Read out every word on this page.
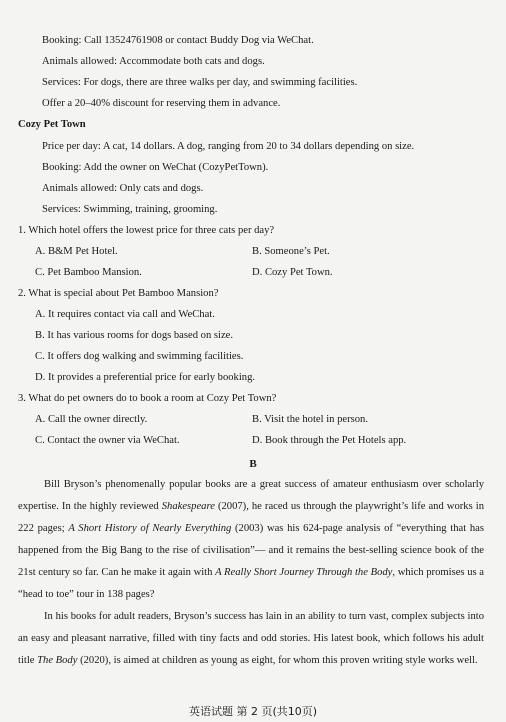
Booking: Call 13524761908 or contact Buddy Dog via WeChat.
Animals allowed: Accommodate both cats and dogs.
Services: For dogs, there are three walks per day, and swimming facilities.
Offer a 20–40% discount for reserving them in advance.
Cozy Pet Town
Price per day: A cat, 14 dollars. A dog, ranging from 20 to 34 dollars depending on size.
Booking: Add the owner on WeChat (CozyPetTown).
Animals allowed: Only cats and dogs.
Services: Swimming, training, grooming.
1. Which hotel offers the lowest price for three cats per day?
A. B&M Pet Hotel.	B. Someone’s Pet.
C. Pet Bamboo Mansion.	D. Cozy Pet Town.
2. What is special about Pet Bamboo Mansion?
A. It requires contact via call and WeChat.
B. It has various rooms for dogs based on size.
C. It offers dog walking and swimming facilities.
D. It provides a preferential price for early booking.
3. What do pet owners do to book a room at Cozy Pet Town?
A. Call the owner directly.	B. Visit the hotel in person.
C. Contact the owner via WeChat.	D. Book through the Pet Hotels app.
B

Bill Bryson’s phenomenally popular books are a great success of amateur enthusiasm over scholarly expertise. In the highly reviewed Shakespeare (2007), he raced us through the playwright’s life and works in 222 pages; A Short History of Nearly Everything (2003) was his 624-page analysis of “everything that has happened from the Big Bang to the rise of civilisation”— and it remains the best-selling science book of the 21st century so far. Can he make it again with A Really Short Journey Through the Body, which promises us a “head to toe” tour in 138 pages?

In his books for adult readers, Bryson’s success has lain in an ability to turn vast, complex subjects into an easy and pleasant narrative, filled with tiny facts and odd stories. His latest book, which follows his adult title The Body (2020), is aimed at children as young as eight, for whom this proven writing style works well.

英语试题 第 2 页(共10页)
